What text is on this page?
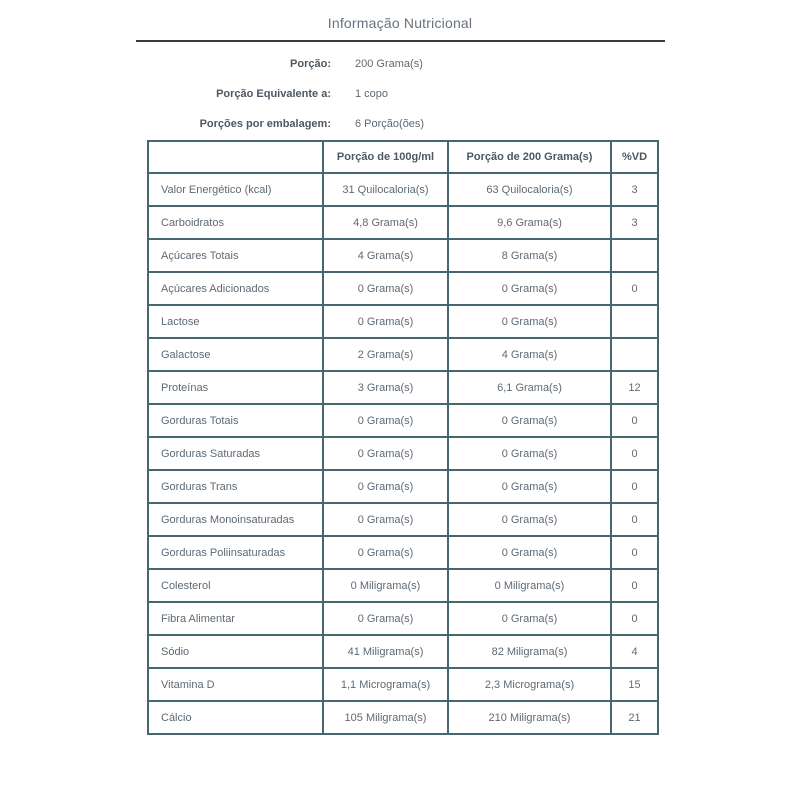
Informação Nutricional
Porção: 200 Grama(s)
Porção Equivalente a: 1 copo
Porções por embalagem: 6 Porção(ões)
	Porção de 100g/ml	Porção de 200 Grama(s)	%VD
Valor Energético (kcal)	31 Quilocaloria(s)	63 Quilocaloria(s)	3
Carboidratos	4,8 Grama(s)	9,6 Grama(s)	3
Açúcares Totais	4 Grama(s)	8 Grama(s)	
Açúcares Adicionados	0 Grama(s)	0 Grama(s)	0
Lactose	0 Grama(s)	0 Grama(s)	
Galactose	2 Grama(s)	4 Grama(s)	
Proteínas	3 Grama(s)	6,1 Grama(s)	12
Gorduras Totais	0 Grama(s)	0 Grama(s)	0
Gorduras Saturadas	0 Grama(s)	0 Grama(s)	0
Gorduras Trans	0 Grama(s)	0 Grama(s)	0
Gorduras Monoinsaturadas	0 Grama(s)	0 Grama(s)	0
Gorduras Poliinsaturadas	0 Grama(s)	0 Grama(s)	0
Colesterol	0 Miligrama(s)	0 Miligrama(s)	0
Fibra Alimentar	0 Grama(s)	0 Grama(s)	0
Sódio	41 Miligrama(s)	82 Miligrama(s)	4
Vitamina D	1,1 Micrograma(s)	2,3 Micrograma(s)	15
Cálcio	105 Miligrama(s)	210 Miligrama(s)	21
